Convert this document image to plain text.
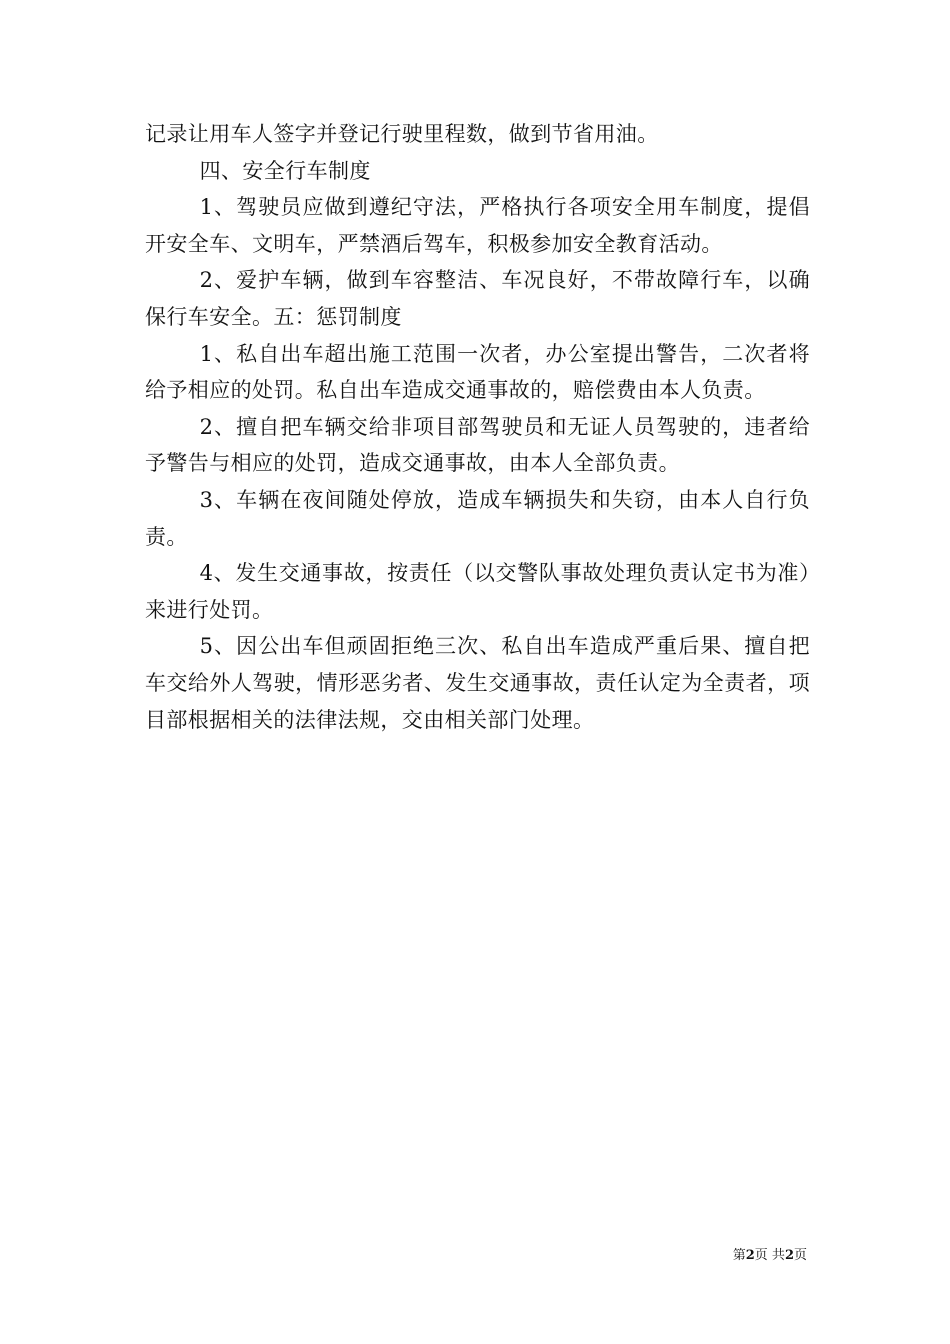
记录让用车人签字并登记行驶里程数，做到节省用油。

四、安全行车制度

1、驾驶员应做到遵纪守法，严格执行各项安全用车制度，提倡开安全车、文明车，严禁酒后驾车，积极参加安全教育活动。

2、爱护车辆，做到车容整洁、车况良好，不带故障行车，以确保行车安全。五：惩罚制度

1、私自出车超出施工范围一次者，办公室提出警告，二次者将给予相应的处罚。私自出车造成交通事故的，赔偿费由本人负责。

2、擅自把车辆交给非项目部驾驶员和无证人员驾驶的，违者给予警告与相应的处罚，造成交通事故，由本人全部负责。

3、车辆在夜间随处停放，造成车辆损失和失窃，由本人自行负责。

4、发生交通事故，按责任（以交警队事故处理负责认定书为准）来进行处罚。

5、因公出车但顽固拒绝三次、私自出车造成严重后果、擅自把车交给外人驾驶，情形恶劣者、发生交通事故，责任认定为全责者，项目部根据相关的法律法规，交由相关部门处理。

第2页 共2页
